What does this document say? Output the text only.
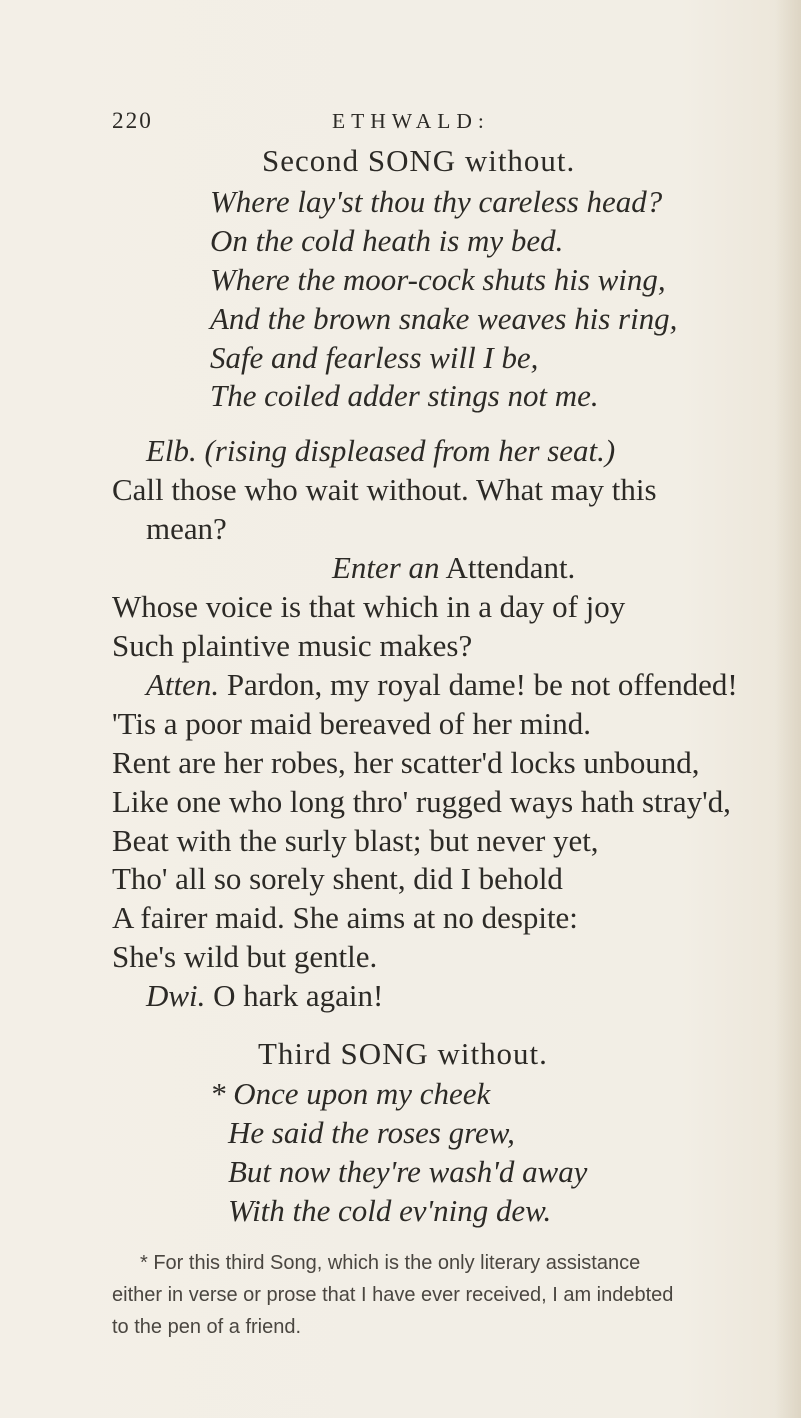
220	ETHWALD:
Second SONG without.
Where lay'st thou thy careless head?
On the cold heath is my bed.
Where the moor-cock shuts his wing,
And the brown snake weaves his ring,
Safe and fearless will I be,
The coiled adder stings not me.
Elb. (rising displeased from her seat.)
Call those who wait without. What may this
mean?
Enter an Attendant.
Whose voice is that which in a day of joy
Such plaintive music makes?
Atten. Pardon, my royal dame! be not offended!
'Tis a poor maid bereaved of her mind.
Rent are her robes, her scatter'd locks unbound,
Like one who long thro' rugged ways hath stray'd,
Beat with the surly blast; but never yet,
Tho' all so sorely shent, did I behold
A fairer maid. She aims at no despite:
She's wild but gentle.
Dwi. O hark again!
Third SONG without.
* Once upon my cheek
He said the roses grew,
But now they're wash'd away
With the cold ev'ning dew.
* For this third Song, which is the only literary assistance
either in verse or prose that I have ever received, I am indebted
to the pen of a friend.
